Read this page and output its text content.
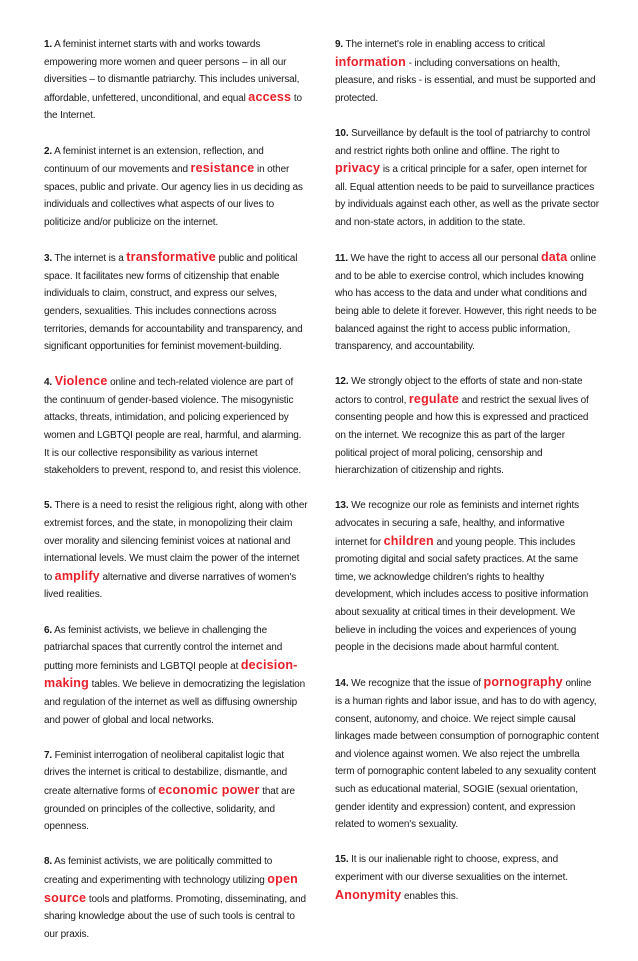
1. A feminist internet starts with and works towards empowering more women and queer persons – in all our diversities – to dismantle patriarchy. This includes universal, affordable, unfettered, unconditional, and equal access to the Internet.

2. A feminist internet is an extension, reflection, and continuum of our movements and resistance in other spaces, public and private. Our agency lies in us deciding as individuals and collectives what aspects of our lives to politicize and/or publicize on the internet.

3. The internet is a transformative public and political space. It facilitates new forms of citizenship that enable individuals to claim, construct, and express our selves, genders, sexualities. This includes connections across territories, demands for accountability and transparency, and significant opportunities for feminist movement-building.

4. Violence online and tech-related violence are part of the continuum of gender-based violence. The misogynistic attacks, threats, intimidation, and policing experienced by women and LGBTQI people are real, harmful, and alarming. It is our collective responsibility as various internet stakeholders to prevent, respond to, and resist this violence.

5. There is a need to resist the religious right, along with other extremist forces, and the state, in monopolizing their claim over morality and silencing feminist voices at national and international levels. We must claim the power of the internet to amplify alternative and diverse narratives of women's lived realities.

6. As feminist activists, we believe in challenging the patriarchal spaces that currently control the internet and putting more feminists and LGBTQI people at decision-making tables. We believe in democratizing the legislation and regulation of the internet as well as diffusing ownership and power of global and local networks.

7. Feminist interrogation of neoliberal capitalist logic that drives the internet is critical to destabilize, dismantle, and create alternative forms of economic power that are grounded on principles of the collective, solidarity, and openness.

8. As feminist activists, we are politically committed to creating and experimenting with technology utilizing open source tools and platforms. Promoting, disseminating, and sharing knowledge about the use of such tools is central to our praxis.

9. The internet's role in enabling access to critical information - including conversations on health, pleasure, and risks - is essential, and must be supported and protected.

10. Surveillance by default is the tool of patriarchy to control and restrict rights both online and offline. The right to privacy is a critical principle for a safer, open internet for all. Equal attention needs to be paid to surveillance practices by individuals against each other, as well as the private sector and non-state actors, in addition to the state.

11. We have the right to access all our personal data online and to be able to exercise control, which includes knowing who has access to the data and under what conditions and being able to delete it forever. However, this right needs to be balanced against the right to access public information, transparency, and accountability.

12. We strongly object to the efforts of state and non-state actors to control, regulate and restrict the sexual lives of consenting people and how this is expressed and practiced on the internet. We recognize this as part of the larger political project of moral policing, censorship and hierarchization of citizenship and rights.

13. We recognize our role as feminists and internet rights advocates in securing a safe, healthy, and informative internet for children and young people. This includes promoting digital and social safety practices. At the same time, we acknowledge children's rights to healthy development, which includes access to positive information about sexuality at critical times in their development. We believe in including the voices and experiences of young people in the decisions made about harmful content.

14. We recognize that the issue of pornography online is a human rights and labor issue, and has to do with agency, consent, autonomy, and choice. We reject simple causal linkages made between consumption of pornographic content and violence against women. We also reject the umbrella term of pornographic content labeled to any sexuality content such as educational material, SOGIE (sexual orientation, gender identity and expression) content, and expression related to women's sexuality.

15. It is our inalienable right to choose, express, and experiment with our diverse sexualities on the internet. Anonymity enables this.
